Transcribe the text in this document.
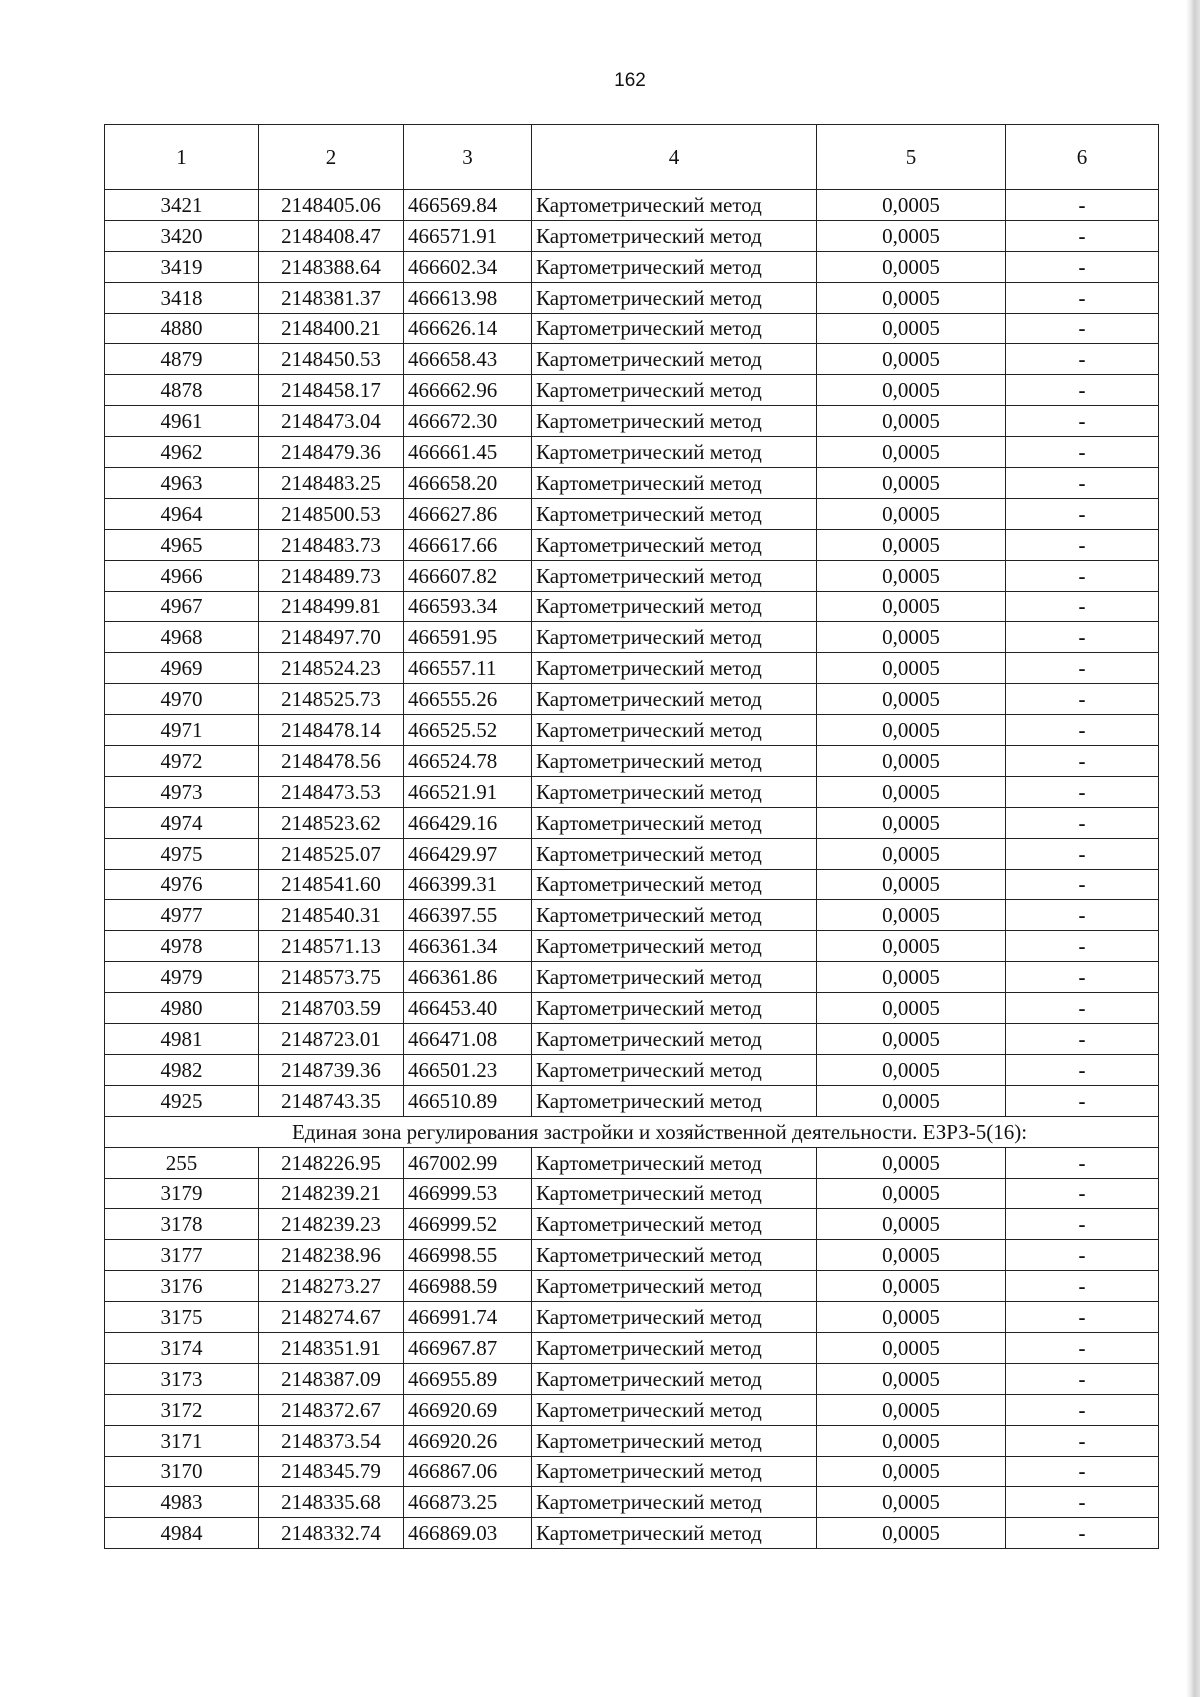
162
1	2	3	4	5	6
3421	2148405.06	466569.84	Картометрический метод	0,0005	-
3420	2148408.47	466571.91	Картометрический метод	0,0005	-
3419	2148388.64	466602.34	Картометрический метод	0,0005	-
3418	2148381.37	466613.98	Картометрический метод	0,0005	-
4880	2148400.21	466626.14	Картометрический метод	0,0005	-
4879	2148450.53	466658.43	Картометрический метод	0,0005	-
4878	2148458.17	466662.96	Картометрический метод	0,0005	-
4961	2148473.04	466672.30	Картометрический метод	0,0005	-
4962	2148479.36	466661.45	Картометрический метод	0,0005	-
4963	2148483.25	466658.20	Картометрический метод	0,0005	-
4964	2148500.53	466627.86	Картометрический метод	0,0005	-
4965	2148483.73	466617.66	Картометрический метод	0,0005	-
4966	2148489.73	466607.82	Картометрический метод	0,0005	-
4967	2148499.81	466593.34	Картометрический метод	0,0005	-
4968	2148497.70	466591.95	Картометрический метод	0,0005	-
4969	2148524.23	466557.11	Картометрический метод	0,0005	-
4970	2148525.73	466555.26	Картометрический метод	0,0005	-
4971	2148478.14	466525.52	Картометрический метод	0,0005	-
4972	2148478.56	466524.78	Картометрический метод	0,0005	-
4973	2148473.53	466521.91	Картометрический метод	0,0005	-
4974	2148523.62	466429.16	Картометрический метод	0,0005	-
4975	2148525.07	466429.97	Картометрический метод	0,0005	-
4976	2148541.60	466399.31	Картометрический метод	0,0005	-
4977	2148540.31	466397.55	Картометрический метод	0,0005	-
4978	2148571.13	466361.34	Картометрический метод	0,0005	-
4979	2148573.75	466361.86	Картометрический метод	0,0005	-
4980	2148703.59	466453.40	Картометрический метод	0,0005	-
4981	2148723.01	466471.08	Картометрический метод	0,0005	-
4982	2148739.36	466501.23	Картометрический метод	0,0005	-
4925	2148743.35	466510.89	Картометрический метод	0,0005	-
Единая зона регулирования застройки и хозяйственной деятельности. ЕЗРЗ-5(16):					
255	2148226.95	467002.99	Картометрический метод	0,0005	-
3179	2148239.21	466999.53	Картометрический метод	0,0005	-
3178	2148239.23	466999.52	Картометрический метод	0,0005	-
3177	2148238.96	466998.55	Картометрический метод	0,0005	-
3176	2148273.27	466988.59	Картометрический метод	0,0005	-
3175	2148274.67	466991.74	Картометрический метод	0,0005	-
3174	2148351.91	466967.87	Картометрический метод	0,0005	-
3173	2148387.09	466955.89	Картометрический метод	0,0005	-
3172	2148372.67	466920.69	Картометрический метод	0,0005	-
3171	2148373.54	466920.26	Картометрический метод	0,0005	-
3170	2148345.79	466867.06	Картометрический метод	0,0005	-
4983	2148335.68	466873.25	Картометрический метод	0,0005	-
4984	2148332.74	466869.03	Картометрический метод	0,0005	-
